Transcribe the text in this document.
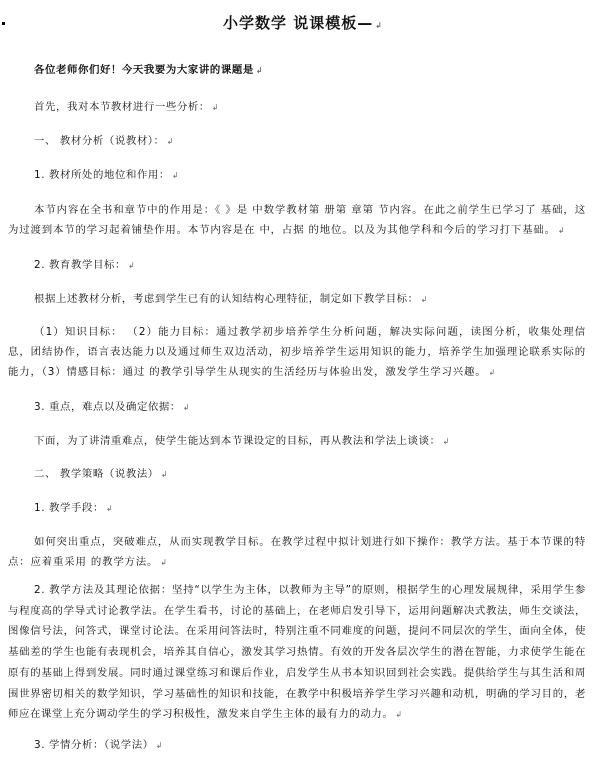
小学数学 说课模板— ↲
各位老师你们好！今天我要为大家讲的课题是 ↲
首先，我对本节教材进行一些分析： ↲
一、 教材分析（说教材）： ↲
1. 教材所处的地位和作用： ↲
本节内容在全书和章节中的作用是：《 》是 中数学教材第 册第 章第 节内容。在此之前学生已学习了 基础，这为过渡到本节的学习起着铺垫作用。本节内容是在 中，占据 的地位。以及为其他学科和今后的学习打下基础。 ↲
2. 教育教学目标： ↲
根据上述教材分析，考虑到学生已有的认知结构心理特征，制定如下教学目标： ↲
（1）知识目标： （2）能力目标：通过教学初步培养学生分析问题，解决实际问题，读图分析，收集处理信息，团结协作，语言表达能力以及通过师生双边活动，初步培养学生运用知识的能力，培养学生加强理论联系实际的能力，（3）情感目标：通过 的教学引导学生从现实的生活经历与体验出发，激发学生学习兴趣。 ↲
3. 重点，难点以及确定依据： ↲
下面，为了讲清重难点，使学生能达到本节课设定的目标，再从教法和学法上谈谈： ↲
二、 教学策略（说教法） ↲
1. 教学手段： ↲
如何突出重点，突破难点，从而实现教学目标。在教学过程中拟计划进行如下操作：教学方法。基于本节课的特点：应着重采用 的教学方法。 ↲
2. 教学方法及其理论依据：坚持“以学生为主体，以教师为主导”的原则，根据学生的心理发展规律，采用学生参与程度高的学导式讨论教学法。在学生看书，讨论的基础上，在老师启发引导下，运用问题解决式教法，师生交谈法，图像信号法，问答式，课堂讨论法。在采用问答法时，特别注重不同难度的问题，提问不同层次的学生，面向全体，使基础差的学生也能有表现机会，培养其自信心，激发其学习热情。有效的开发各层次学生的潜在智能，力求使学生能在原有的基础上得到发展。同时通过课堂练习和课后作业，启发学生从书本知识回到社会实践。提供给学生与其生活和周围世界密切相关的数学知识，学习基础性的知识和技能，在教学中积极培养学生学习兴趣和动机，明确的学习目的，老师应在课堂上充分调动学生的学习积极性，激发来自学生主体的最有力的动力。 ↲
3. 学情分析：（说学法） ↲
